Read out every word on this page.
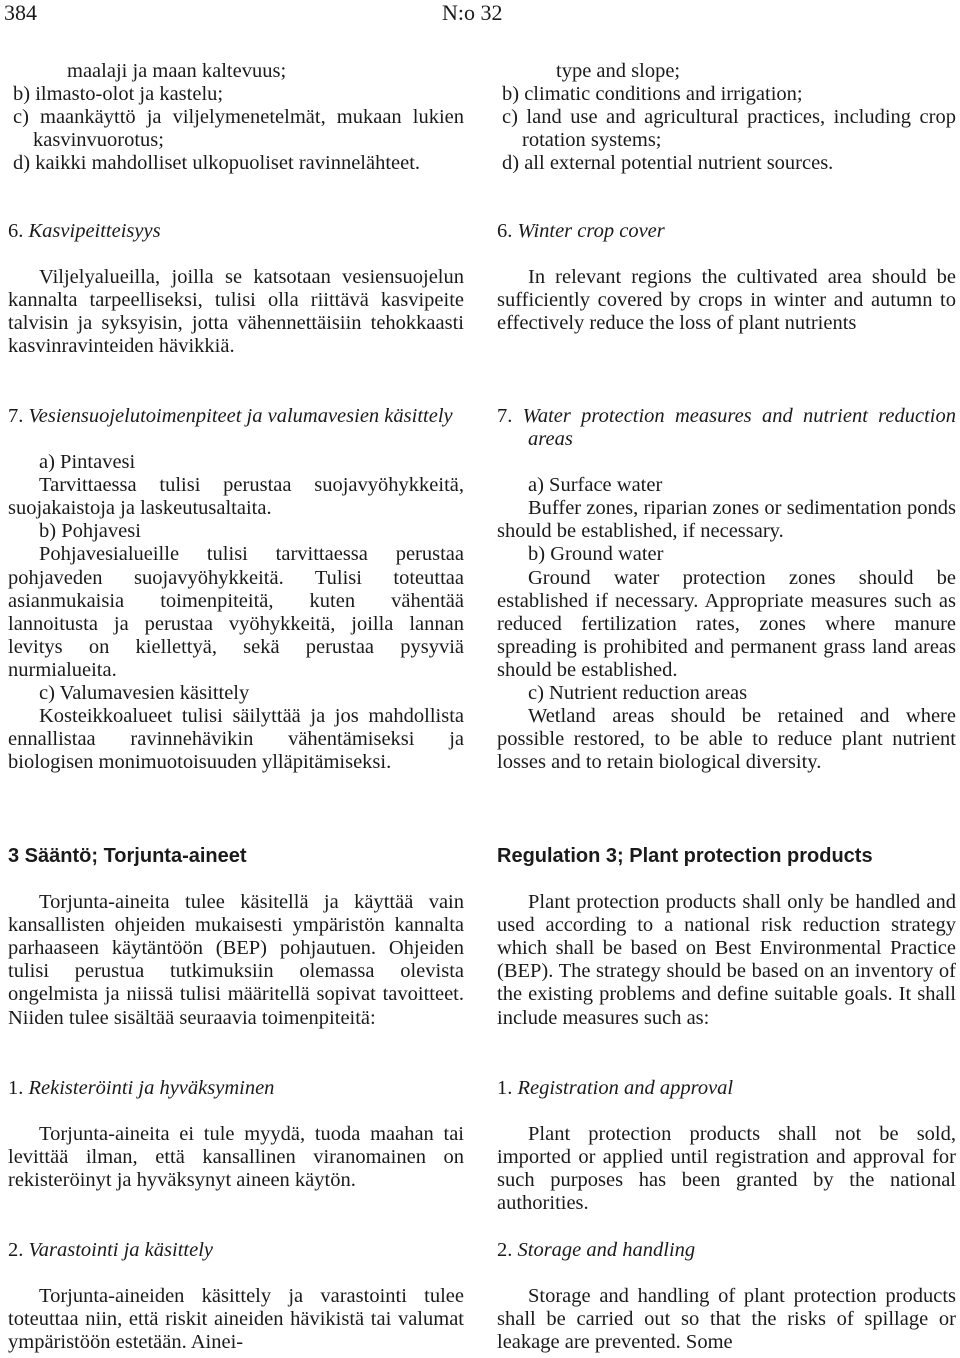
384	N:o 32

maalaji ja maan kaltevuus;

b) ilmasto-olot ja kastelu;

c) maankäyttö ja viljelymenetelmät, mukaan lukien kasvinvuorotus;

d) kaikki mahdolliset ulkopuoliset ravinnelähteet.

6. Kasvipeitteisyys

Viljelyalueilla, joilla se katsotaan vesiensuojelun kannalta tarpeelliseksi, tulisi olla riittävä kasvipeite talvisin ja syksyisin, jotta vähennettäisiin tehokkaasti kasvinravinteiden hävikkiä.

7. Vesiensuojelutoimenpiteet ja valumavesien käsittely

a) Pintavesi

Tarvittaessa tulisi perustaa suojavyöhykkeitä, suojakaistoja ja laskeutusaltaita.

b) Pohjavesi

Pohjavesialueille tulisi tarvittaessa perustaa pohjaveden suojavyöhykkeitä. Tulisi toteuttaa asianmukaisia toimenpiteitä, kuten vähentää lannoitusta ja perustaa vyöhykkeitä, joilla lannan levitys on kiellettyä, sekä perustaa pysyviä nurmialueita.

c) Valumavesien käsittely

Kosteikkoalueet tulisi säilyttää ja jos mahdollista ennallistaa ravinnehävikin vähentämiseksi ja biologisen monimuotoisuuden ylläpitämiseksi.

3 Sääntö; Torjunta-aineet

Torjunta-aineita tulee käsitellä ja käyttää vain kansallisten ohjeiden mukaisesti ympäristön kannalta parhaaseen käytäntöön (BEP) pohjautuen. Ohjeiden tulisi perustua tutkimuksiin olemassa olevista ongelmista ja niissä tulisi määritellä sopivat tavoitteet. Niiden tulee sisältää seuraavia toimenpiteitä:

1. Rekisteröinti ja hyväksyminen

Torjunta-aineita ei tule myydä, tuoda maahan tai levittää ilman, että kansallinen viranomainen on rekisteröinyt ja hyväksynyt aineen käytön.

2. Varastointi ja käsittely

Torjunta-aineiden käsittely ja varastointi tulee toteuttaa niin, että riskit aineiden hävikistä tai valumat ympäristöön estetään. Ainei-

type and slope;

b) climatic conditions and irrigation;

c) land use and agricultural practices, including crop rotation systems;

d) all external potential nutrient sources.

6. Winter crop cover

In relevant regions the cultivated area should be sufficiently covered by crops in winter and autumn to effectively reduce the loss of plant nutrients

7. Water protection measures and nutrient reduction areas

a) Surface water

Buffer zones, riparian zones or sedimentation ponds should be established, if necessary.

b) Ground water

Ground water protection zones should be established if necessary. Appropriate measures such as reduced fertilization rates, zones where manure spreading is prohibited and permanent grass land areas should be established.

c) Nutrient reduction areas

Wetland areas should be retained and where possible restored, to be able to reduce plant nutrient losses and to retain biological diversity.

Regulation 3; Plant protection products

Plant protection products shall only be handled and used according to a national risk reduction strategy which shall be based on Best Environmental Practice (BEP). The strategy should be based on an inventory of the existing problems and define suitable goals. It shall include measures such as:

1. Registration and approval

Plant protection products shall not be sold, imported or applied until registration and approval for such purposes has been granted by the national authorities.

2. Storage and handling

Storage and handling of plant protection products shall be carried out so that the risks of spillage or leakage are prevented. Some
